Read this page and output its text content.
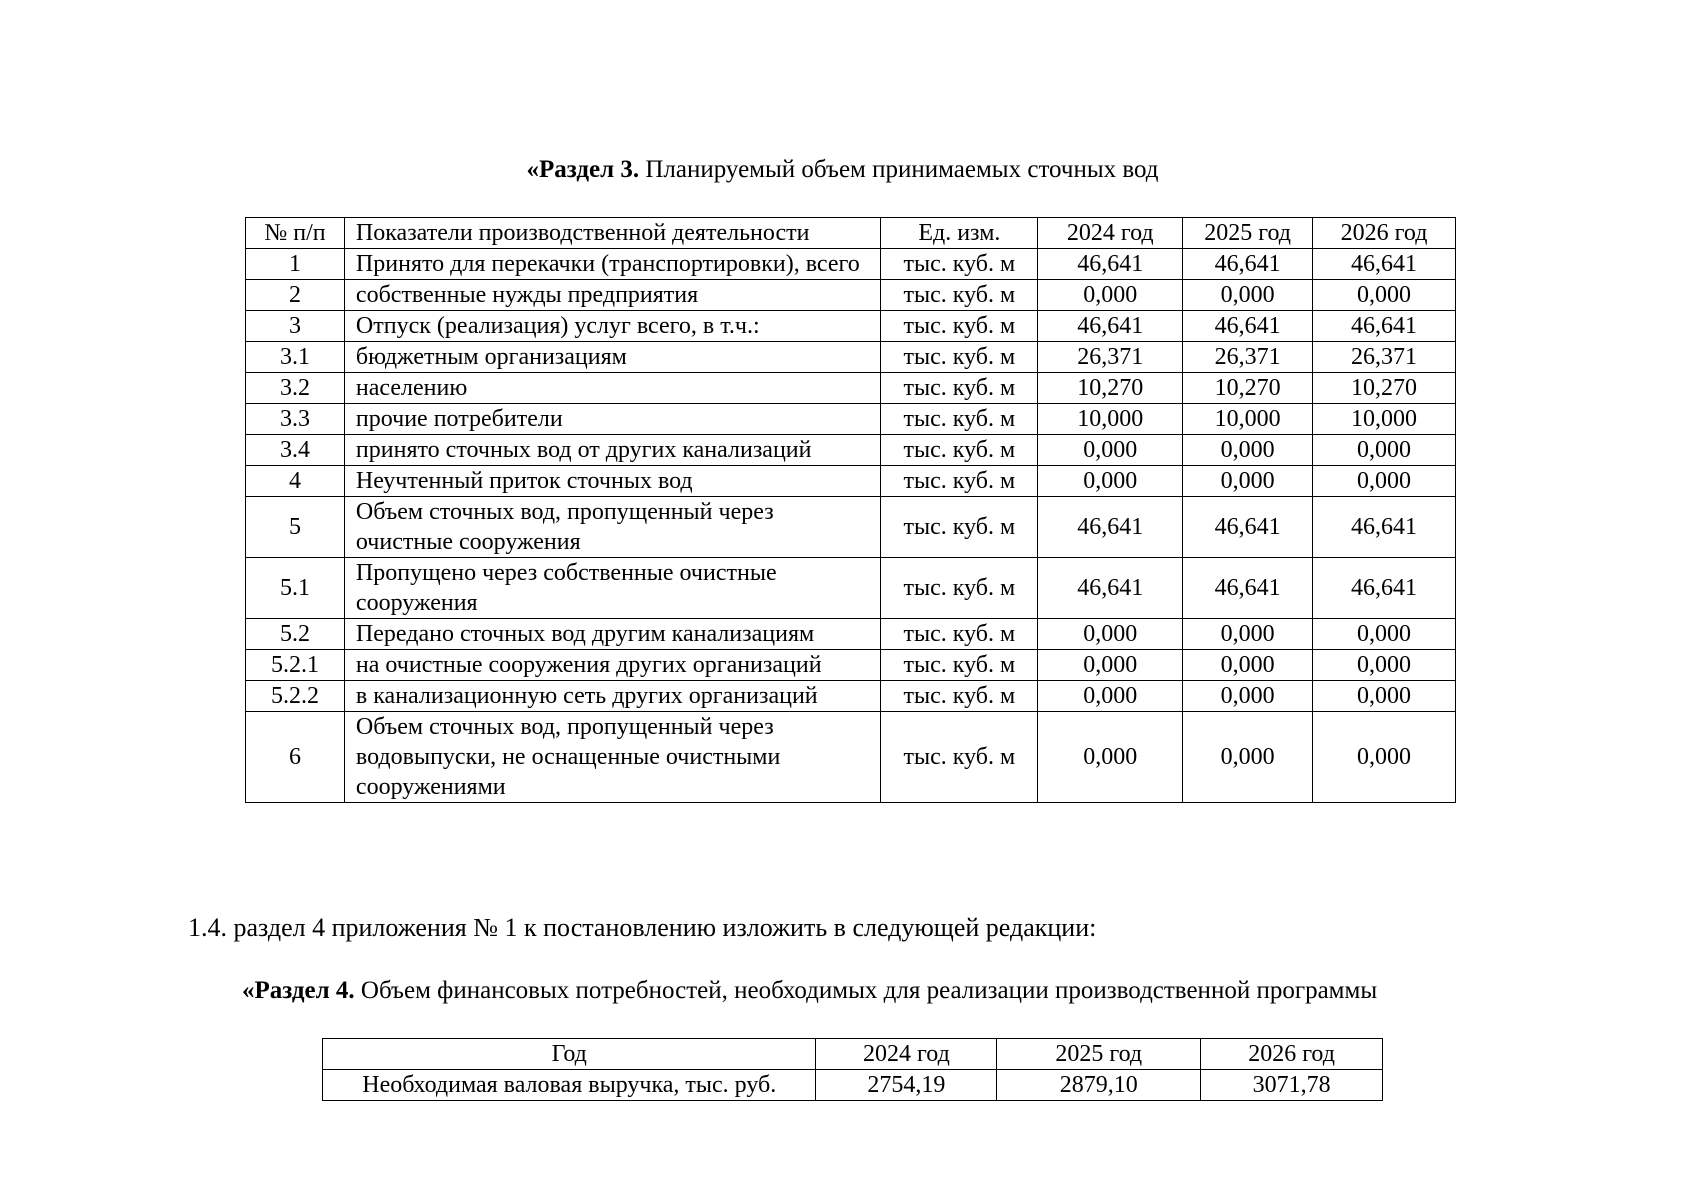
«Раздел 3. Планируемый объем принимаемых сточных вод
№ п/п	Показатели производственной деятельности	Ед. изм.	2024 год	2025 год	2026 год
1	Принято для перекачки (транспортировки), всего	тыс. куб. м	46,641	46,641	46,641
2	собственные нужды предприятия	тыс. куб. м	0,000	0,000	0,000
3	Отпуск (реализация) услуг всего, в т.ч.:	тыс. куб. м	46,641	46,641	46,641
3.1	бюджетным организациям	тыс. куб. м	26,371	26,371	26,371
3.2	населению	тыс. куб. м	10,270	10,270	10,270
3.3	прочие потребители	тыс. куб. м	10,000	10,000	10,000
3.4	принято сточных вод от других канализаций	тыс. куб. м	0,000	0,000	0,000
4	Неучтенный приток сточных вод	тыс. куб. м	0,000	0,000	0,000
5	Объем сточных вод, пропущенный через очистные сооружения	тыс. куб. м	46,641	46,641	46,641
5.1	Пропущено через собственные очистные сооружения	тыс. куб. м	46,641	46,641	46,641
5.2	Передано сточных вод другим канализациям	тыс. куб. м	0,000	0,000	0,000
5.2.1	на очистные сооружения других организаций	тыс. куб. м	0,000	0,000	0,000
5.2.2	в канализационную сеть других организаций	тыс. куб. м	0,000	0,000	0,000
6	Объем сточных вод, пропущенный через водовыпуски, не оснащенные очистными сооружениями	тыс. куб. м	0,000	0,000	0,000
1.4. раздел 4 приложения № 1 к постановлению изложить в следующей редакции:
«Раздел 4. Объем финансовых потребностей, необходимых для реализации производственной программы
Год	2024 год	2025 год	2026 год
Необходимая валовая выручка, тыс. руб.	2754,19	2879,10	3071,78
